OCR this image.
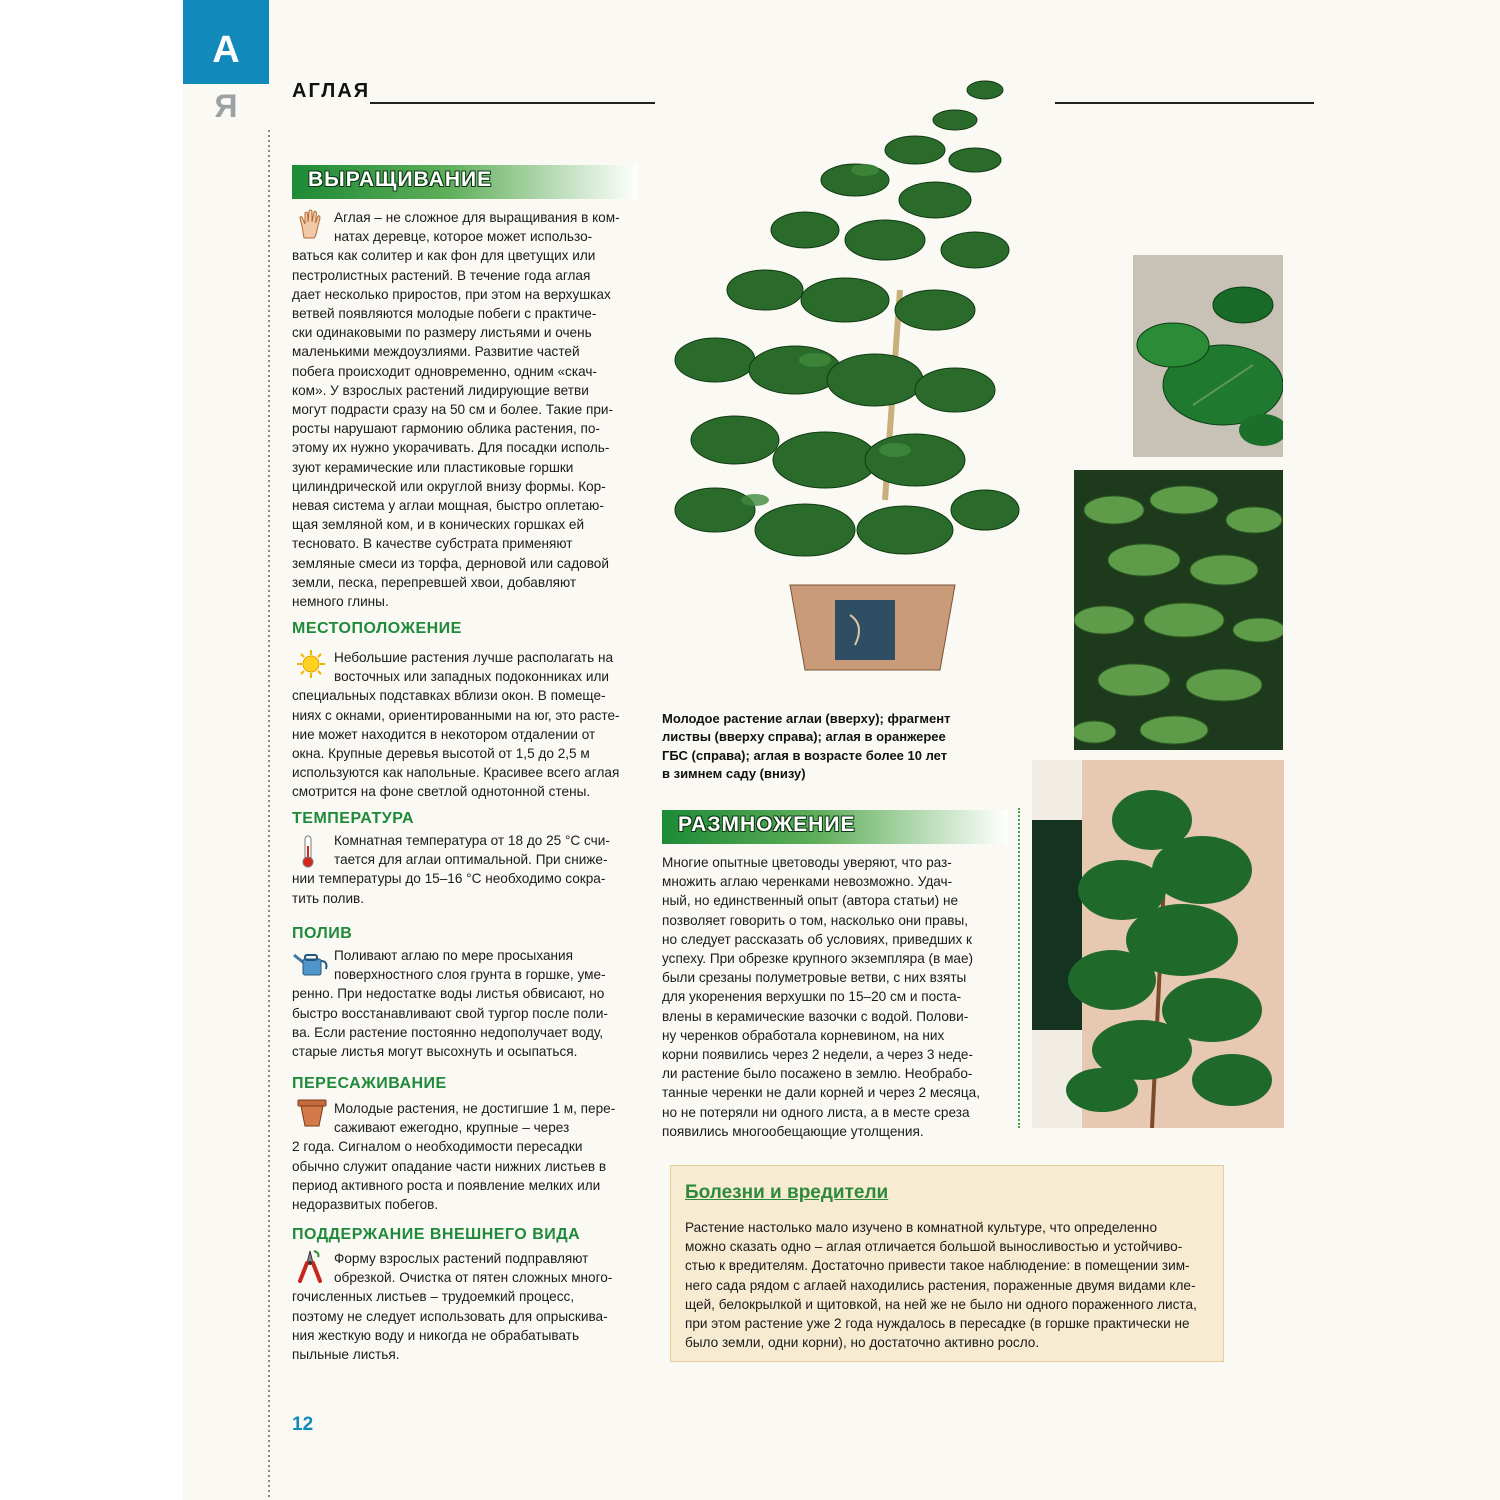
А
Я	АГЛАЯ
ВЫРАЩИВАНИЕ
Аглая – не сложное для выращивания в ком-
натах деревце, которое может использо-
ваться как солитер и как фон для цветущих или
пестролистных растений. В течение года аглая
дает несколько приростов, при этом на верхушках
ветвей появляются молодые побеги с практиче-
ски одинаковыми по размеру листьями и очень
маленькими междоузлиями. Развитие частей
побега происходит одновременно, одним «скач-
ком». У взрослых растений лидирующие ветви
могут подрасти сразу на 50 см и более. Такие при-
росты нарушают гармонию облика растения, по-
этому их нужно укорачивать. Для посадки исполь-
зуют керамические или пластиковые горшки
цилиндрической или округлой внизу формы. Кор-
невая система у аглаи мощная, быстро оплетаю-
щая земляной ком, и в конических горшках ей
тесновато. В качестве субстрата применяют
земляные смеси из торфа, дерновой или садовой
земли, песка, перепревшей хвои, добавляют
немного глины.
МЕСТОПОЛОЖЕНИЕ
Небольшие растения лучше располагать на
восточных или западных подоконниках или
специальных подставках вблизи окон. В помеще-
ниях с окнами, ориентированными на юг, это расте-
ние может находится в некотором отдалении от
окна. Крупные деревья высотой от 1,5 до 2,5 м
используются как напольные. Красивее всего аглая
смотрится на фоне светлой однотонной стены.
ТЕМПЕРАТУРА
Комнатная температура от 18 до 25 °С счи-
тается для аглаи оптимальной. При сниже-
нии температуры до 15–16 °С необходимо сокра-
тить полив.
ПОЛИВ
Поливают аглаю по мере просыхания
поверхностного слоя грунта в горшке, уме-
ренно. При недостатке воды листья обвисают, но
быстро восстанавливают свой тургор после поли-
ва. Если растение постоянно недополучает воду,
старые листья могут высохнуть и осыпаться.
ПЕРЕСАЖИВАНИЕ
Молодые растения, не достигшие 1 м, пере-
саживают ежегодно, крупные – через
2 года. Сигналом о необходимости пересадки
обычно служит опадание части нижних листьев в
период активного роста и появление мелких или
недоразвитых побегов.
ПОДДЕРЖАНИЕ ВНЕШНЕГО ВИДА
Форму взрослых растений подправляют
обрезкой. Очистка от пятен сложных много-
гочисленных листьев – трудоемкий процесс,
поэтому не следует использовать для опрыскива-
ния жесткую воду и никогда не обрабатывать
пыльные листья.
Молодое растение аглаи (вверху); фрагмент
листвы (вверху справа); аглая в оранжерее
ГБС (справа); аглая в возрасте более 10 лет
в зимнем саду (внизу)
РАЗМНОЖЕНИЕ
Многие опытные цветоводы уверяют, что раз-
множить аглаю черенками невозможно. Удач-
ный, но единственный опыт (автора статьи) не
позволяет говорить о том, насколько они правы,
но следует рассказать об условиях, приведших к
успеху. При обрезке крупного экземпляра (в мае)
были срезаны полуметровые ветви, с них взяты
для укоренения верхушки по 15–20 см и поста-
влены в керамические вазочки с водой. Полови-
ну черенков обработала корневином, на них
корни появились через 2 недели, а через 3 неде-
ли растение было посажено в землю. Необрабо-
танные черенки не дали корней и через 2 месяца,
но не потеряли ни одного листа, а в месте среза
появились многообещающие утолщения.
Болезни и вредители
Растение настолько мало изучено в комнатной культуре, что определенно
можно сказать одно – аглая отличается большой выносливостью и устойчиво-
стью к вредителям. Достаточно привести такое наблюдение: в помещении зим-
него сада рядом с аглаей находились растения, пораженные двумя видами кле-
щей, белокрылкой и щитовкой, на ней же не было ни одного пораженного листа,
при этом растение уже 2 года нуждалось в пересадке (в горшке практически не
было земли, одни корни), но достаточно активно росло.
12
